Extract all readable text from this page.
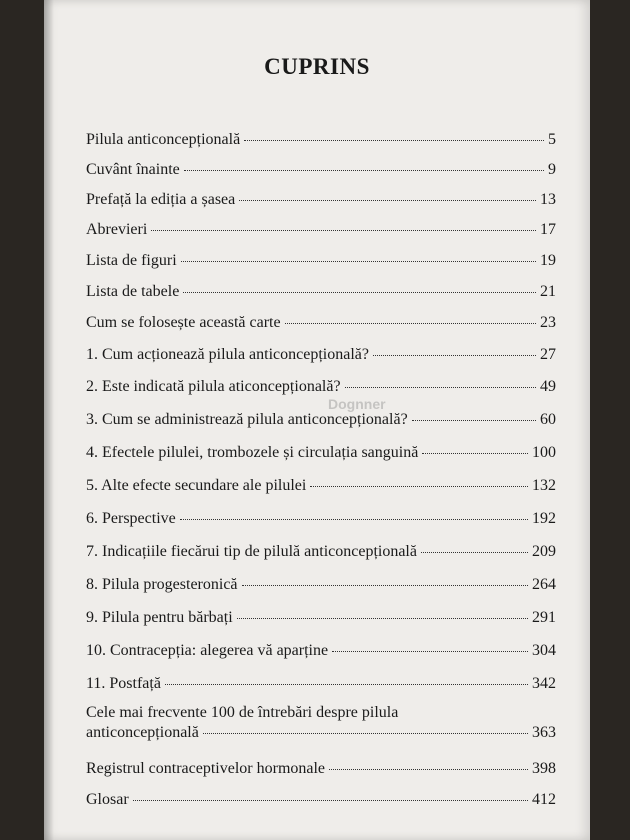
CUPRINS
Pilula anticoncepțională	5
Cuvânt înainte	9
Prefață la ediția a șasea	13
Abrevieri	17
Lista de figuri	19
Lista de tabele	21
Cum se folosește această carte	23
1. Cum acționează pilula anticoncepțională?	27
2. Este indicată pilula aticoncepțională?	49
3. Cum se administrează pilula anticoncepțională?	60
4. Efectele pilulei, trombozele și circulația sanguină	100
5. Alte efecte secundare ale pilulei	132
6. Perspective	192
7. Indicațiile fiecărui tip de pilulă anticoncepțională	209
8. Pilula progesteronică	264
9. Pilula pentru bărbați	291
10. Contracepția: alegerea vă aparține	304
11. Postfață	342
Cele mai frecvente 100 de întrebări despre pilula
anticoncepțională	363
Registrul contraceptivelor hormonale	398
Glosar	412
Dognner
